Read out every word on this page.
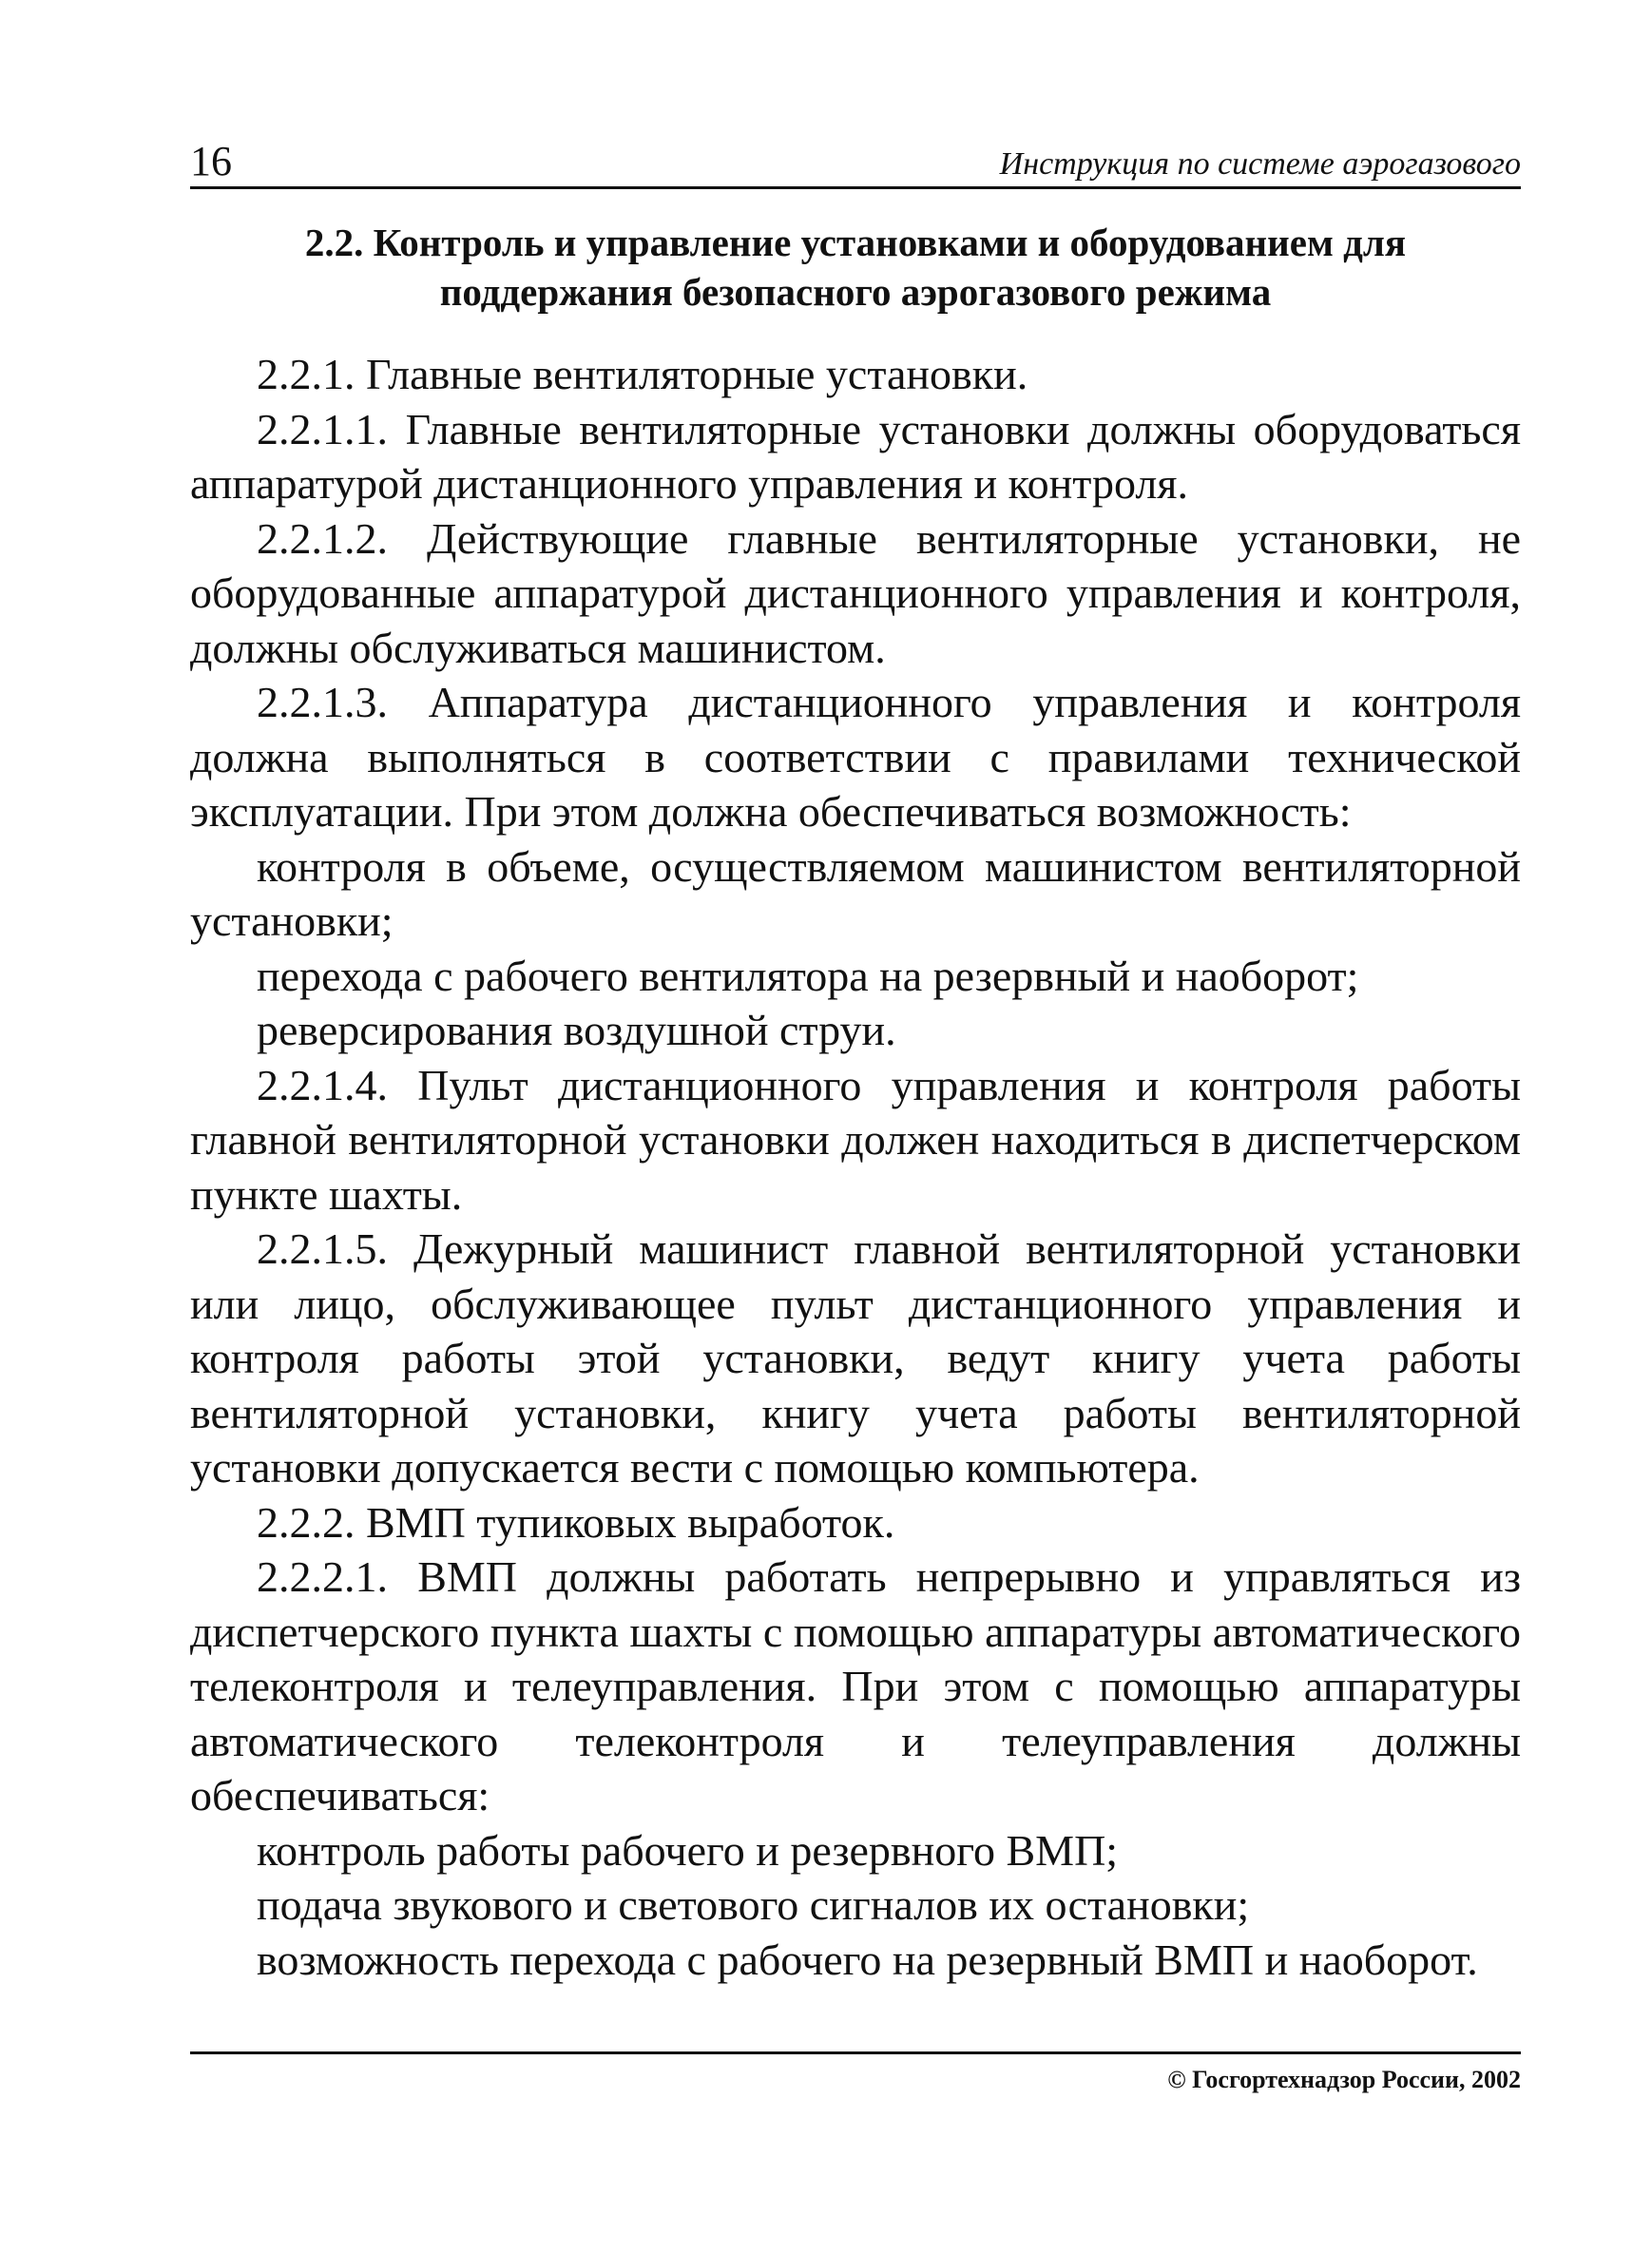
16	Инструкция по системе аэрогазового
2.2. Контроль и управление установками и оборудованием для поддержания безопасного аэрогазового режима

2.2.1. Главные вентиляторные установки.

2.2.1.1. Главные вентиляторные установки должны оборудоваться аппаратурой дистанционного управления и контроля.

2.2.1.2. Действующие главные вентиляторные установки, не оборудованные аппаратурой дистанционного управления и контроля, должны обслуживаться машинистом.

2.2.1.3. Аппаратура дистанционного управления и контроля должна выполняться в соответствии с правилами технической эксплуатации. При этом должна обеспечиваться возможность:

контроля в объеме, осуществляемом машинистом вентиляторной установки;

перехода с рабочего вентилятора на резервный и наоборот;

реверсирования воздушной струи.

2.2.1.4. Пульт дистанционного управления и контроля работы главной вентиляторной установки должен находиться в диспетчерском пункте шахты.

2.2.1.5. Дежурный машинист главной вентиляторной установки или лицо, обслуживающее пульт дистанционного управления и контроля работы этой установки, ведут книгу учета работы вентиляторной установки, книгу учета работы вентиляторной установки допускается вести с помощью компьютера.

2.2.2. ВМП тупиковых выработок.

2.2.2.1. ВМП должны работать непрерывно и управляться из диспетчерского пункта шахты с помощью аппаратуры автоматического телеконтроля и телеуправления. При этом с помощью аппаратуры автоматического телеконтроля и телеуправления должны обеспечиваться:

контроль работы рабочего и резервного ВМП;

подача звукового и светового сигналов их остановки;

возможность перехода с рабочего на резервный ВМП и наоборот.

© Госгортехнадзор России, 2002
